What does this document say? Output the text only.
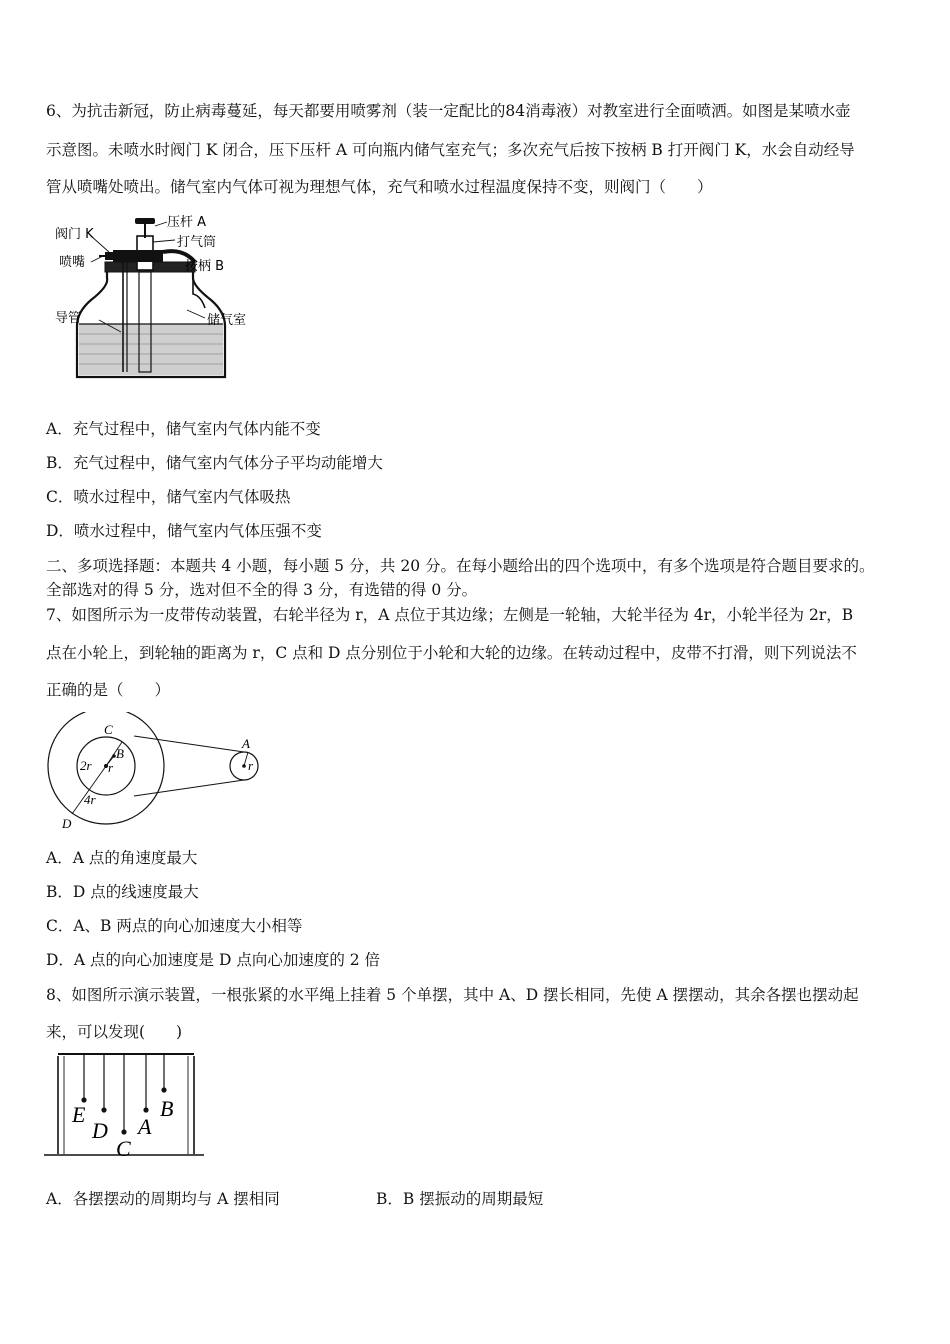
6、为抗击新冠，防止病毒蔓延，每天都要用喷雾剂（装一定配比的84消毒液）对教室进行全面喷洒。如图是某喷水壶
示意图。未喷水时阀门 K 闭合，压下压杆 A 可向瓶内储气室充气；多次充气后按下按柄 B 打开阀门 K，水会自动经导
管从喷嘴处喷出。储气室内气体可视为理想气体，充气和喷水过程温度保持不变，则阀门（　　）
压杆 A
打气筒
阀门 K
喷嘴	按柄 B
导管	储气室
A．充气过程中，储气室内气体内能不变
B．充气过程中，储气室内气体分子平均动能增大
C．喷水过程中，储气室内气体吸热
D．喷水过程中，储气室内气体压强不变
二、多项选择题：本题共 4 小题，每小题 5 分，共 20 分。在每小题给出的四个选项中，有多个选项是符合题目要求的。
全部选对的得 5 分，选对但不全的得 3 分，有选错的得 0 分。
7、如图所示为一皮带传动装置，右轮半径为 r，A 点位于其边缘；左侧是一轮轴，大轮半径为 4r，小轮半径为 2r，B
点在小轮上，到轮轴的距离为 r，C 点和 D 点分别位于小轮和大轮的边缘。在转动过程中，皮带不打滑，则下列说法不
正确的是（　　）
C
B
A
D
2r r	r
4r
A．A 点的角速度最大
B．D 点的线速度最大
C．A、B 两点的向心加速度大小相等
D．A 点的向心加速度是 D 点向心加速度的 2 倍
8、如图所示演示装置，一根张紧的水平绳上挂着 5 个单摆，其中 A、D 摆长相同，先使 A 摆摆动，其余各摆也摆动起
来，可以发现(　　)
E
D
C
A
B
A．各摆摆动的周期均与 A 摆相同	B．B 摆振动的周期最短
